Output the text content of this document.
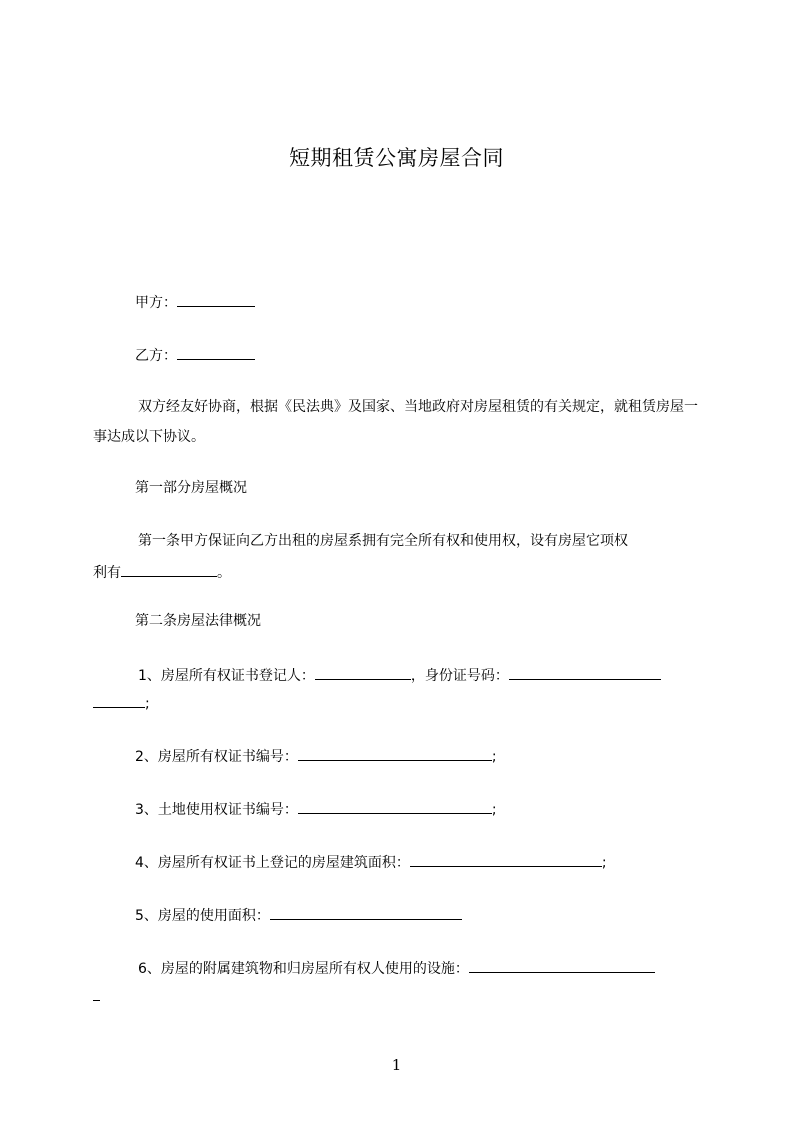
短期租赁公寓房屋合同
甲方：
乙方：
双方经友好协商，根据《民法典》及国家、当地政府对房屋租赁的有关规定，就租赁房屋一事达成以下协议。
第一部分房屋概况
第一条甲方保证向乙方出租的房屋系拥有完全所有权和使用权，设有房屋它项权
利有	。
第二条房屋法律概况
1、房屋所有权证书登记人：	，身份证号码：
;
2、房屋所有权证书编号：	;
3、土地使用权证书编号：	;
4、房屋所有权证书上登记的房屋建筑面积：	;
5、房屋的使用面积：
6、房屋的附属建筑物和归房屋所有权人使用的设施：
1
